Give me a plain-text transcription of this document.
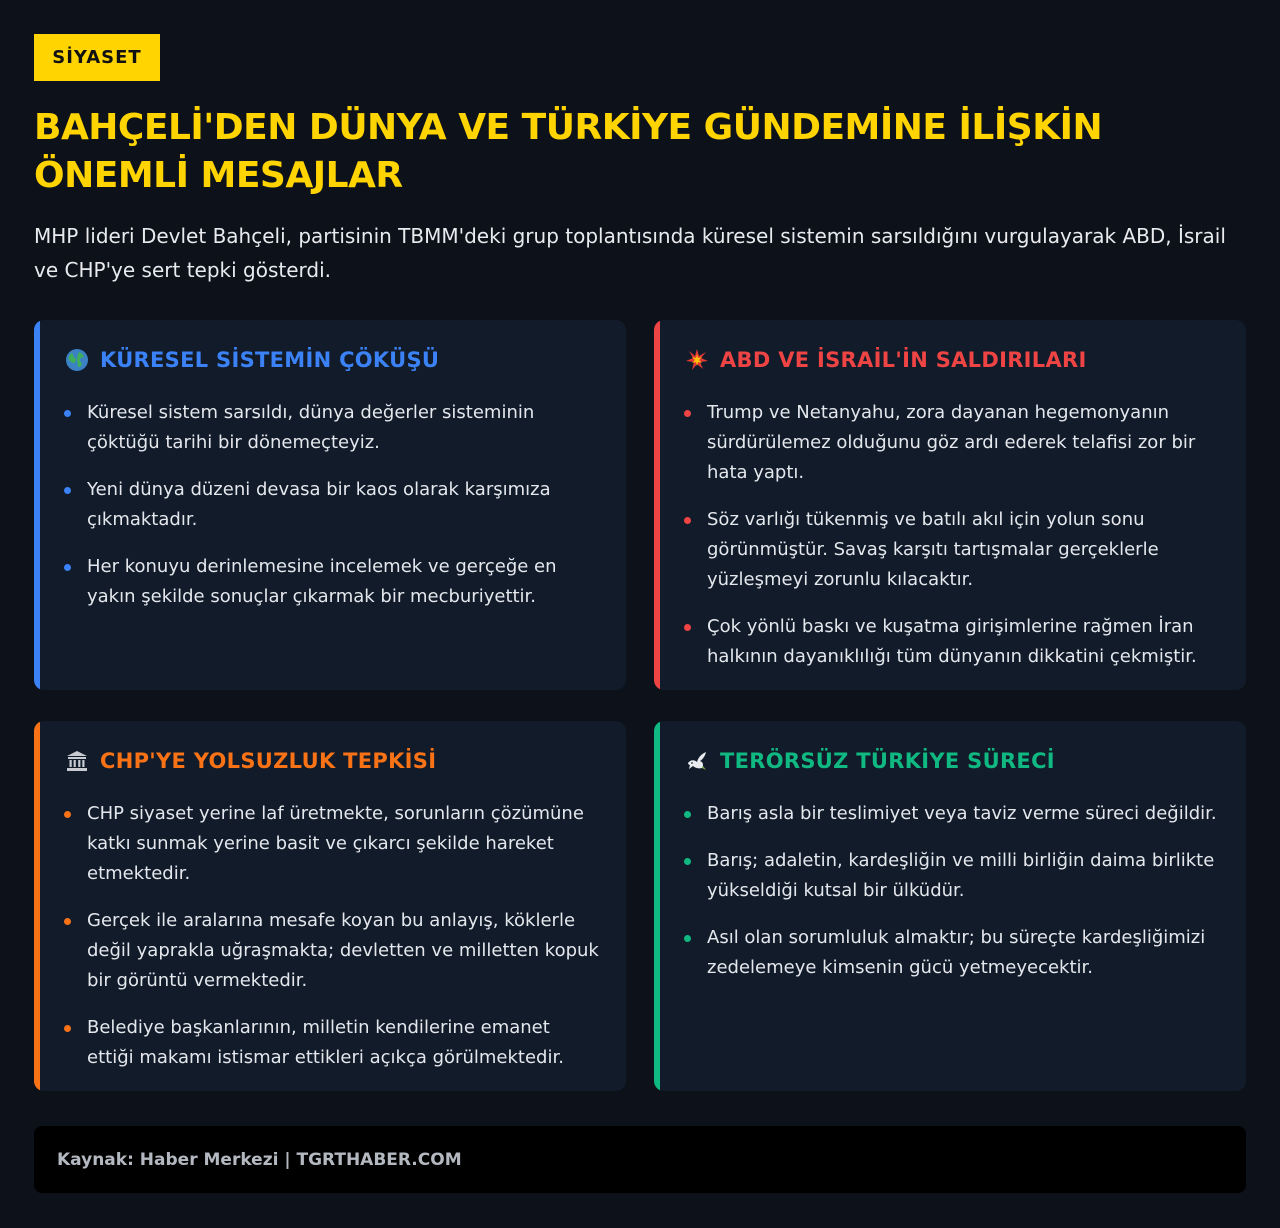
SİYASET
BAHÇELİ'DEN DÜNYA VE TÜRKİYE GÜNDEMİNE İLİŞKİN ÖNEMLİ MESAJLAR

MHP lideri Devlet Bahçeli, partisinin TBMM'deki grup toplantısında küresel sistemin sarsıldığını vurgulayarak ABD, İsrail ve CHP'ye sert tepki gösterdi.

KÜRESEL SİSTEMİN ÇÖKÜŞÜ
Küresel sistem sarsıldı, dünya değerler sisteminin çöktüğü tarihi bir dönemeçteyiz.
Yeni dünya düzeni devasa bir kaos olarak karşımıza çıkmaktadır.
Her konuyu derinlemesine incelemek ve gerçeğe en yakın şekilde sonuçlar çıkarmak bir mecburiyettir.
ABD VE İSRAİL'İN SALDIRILARI
Trump ve Netanyahu, zora dayanan hegemonyanın sürdürülemez olduğunu göz ardı ederek telafisi zor bir hata yaptı.
Söz varlığı tükenmiş ve batılı akıl için yolun sonu görünmüştür. Savaş karşıtı tartışmalar gerçeklerle yüzleşmeyi zorunlu kılacaktır.
Çok yönlü baskı ve kuşatma girişimlerine rağmen İran halkının dayanıklılığı tüm dünyanın dikkatini çekmiştir.
CHP'YE YOLSUZLUK TEPKİSİ
CHP siyaset yerine laf üretmekte, sorunların çözümüne katkı sunmak yerine basit ve çıkarcı şekilde hareket etmektedir.
Gerçek ile aralarına mesafe koyan bu anlayış, köklerle değil yaprakla uğraşmakta; devletten ve milletten kopuk bir görüntü vermektedir.
Belediye başkanlarının, milletin kendilerine emanet ettiği makamı istismar ettikleri açıkça görülmektedir.
TERÖRSÜZ TÜRKİYE SÜRECİ
Barış asla bir teslimiyet veya taviz verme süreci değildir.
Barış; adaletin, kardeşliğin ve milli birliğin daima birlikte yükseldiği kutsal bir ülküdür.
Asıl olan sorumluluk almaktır; bu süreçte kardeşliğimizi zedelemeye kimsenin gücü yetmeyecektir.
Kaynak: Haber Merkezi | TGRTHABER.COM
